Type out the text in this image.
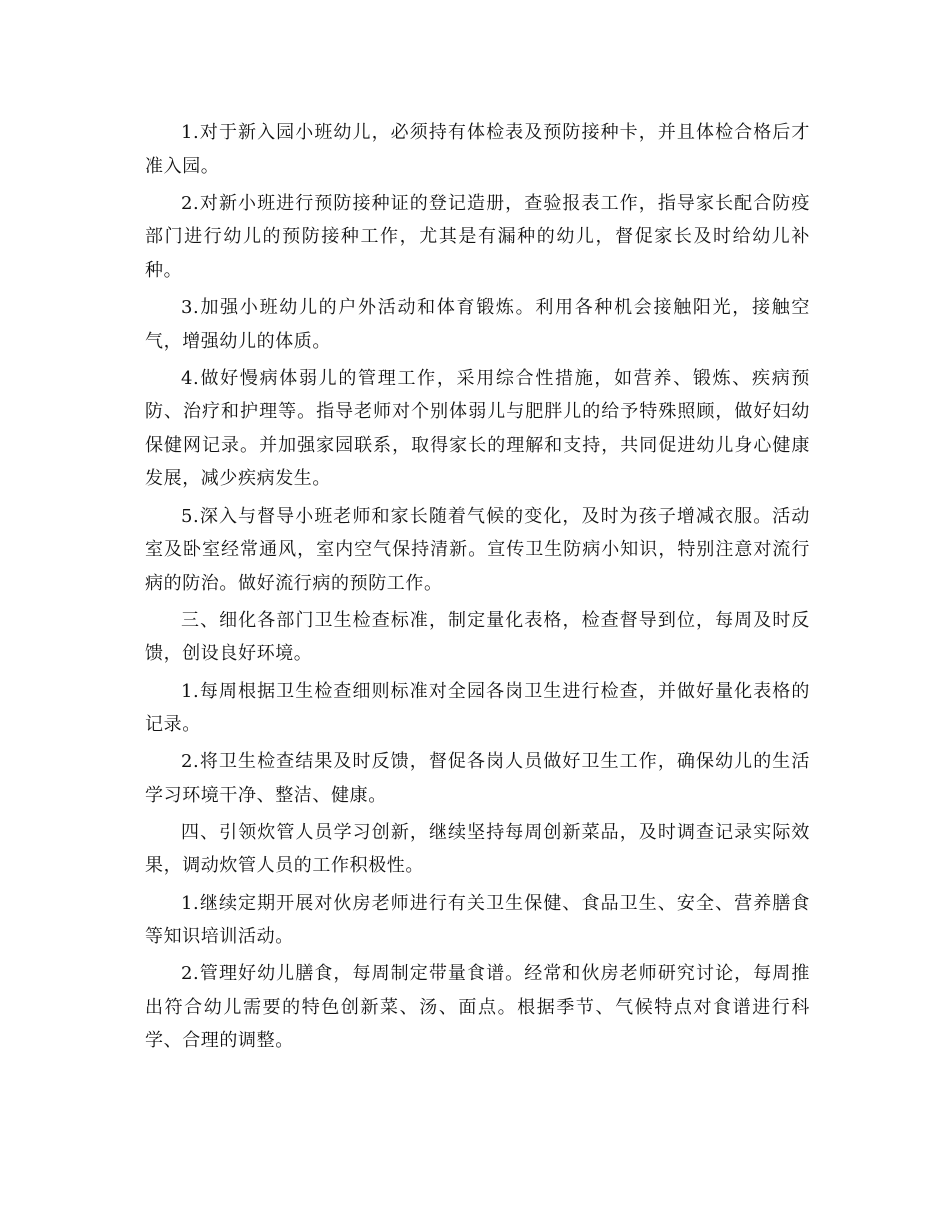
1.对于新入园小班幼儿，必须持有体检表及预防接种卡，并且体检合格后才准入园。

2.对新小班进行预防接种证的登记造册，查验报表工作，指导家长配合防疫部门进行幼儿的预防接种工作，尤其是有漏种的幼儿，督促家长及时给幼儿补种。

3.加强小班幼儿的户外活动和体育锻炼。利用各种机会接触阳光，接触空气，增强幼儿的体质。

4.做好慢病体弱儿的管理工作，采用综合性措施，如营养、锻炼、疾病预防、治疗和护理等。指导老师对个别体弱儿与肥胖儿的给予特殊照顾，做好妇幼保健网记录。并加强家园联系，取得家长的理解和支持，共同促进幼儿身心健康发展，减少疾病发生。

5.深入与督导小班老师和家长随着气候的变化，及时为孩子增减衣服。活动室及卧室经常通风，室内空气保持清新。宣传卫生防病小知识，特别注意对流行病的防治。做好流行病的预防工作。

三、细化各部门卫生检查标准，制定量化表格，检查督导到位，每周及时反馈，创设良好环境。

1.每周根据卫生检查细则标准对全园各岗卫生进行检查，并做好量化表格的记录。

2.将卫生检查结果及时反馈，督促各岗人员做好卫生工作，确保幼儿的生活学习环境干净、整洁、健康。

四、引领炊管人员学习创新，继续坚持每周创新菜品，及时调查记录实际效果，调动炊管人员的工作积极性。

1.继续定期开展对伙房老师进行有关卫生保健、食品卫生、安全、营养膳食等知识培训活动。

2.管理好幼儿膳食，每周制定带量食谱。经常和伙房老师研究讨论，每周推出符合幼儿需要的特色创新菜、汤、面点。根据季节、气候特点对食谱进行科学、合理的调整。
